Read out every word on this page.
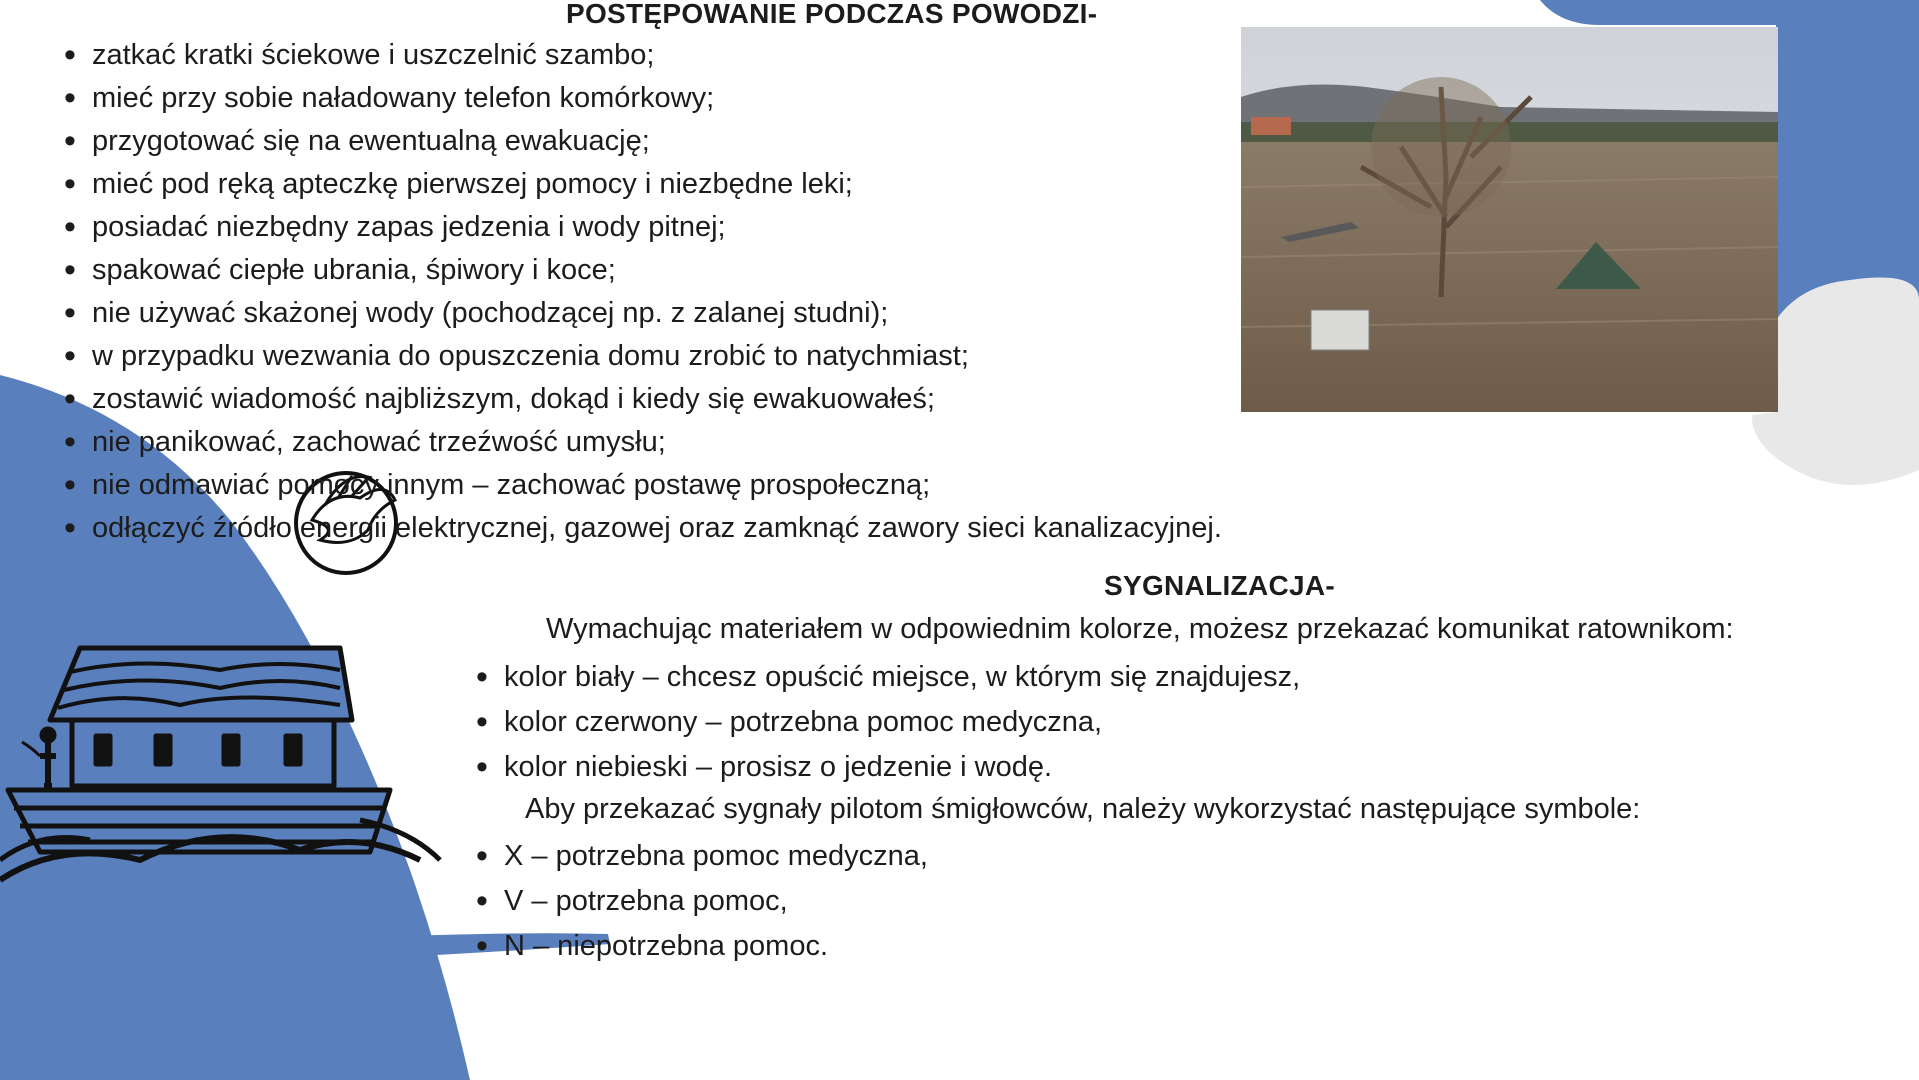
POSTĘPOWANIE PODCZAS POWODZI-
• zatkać kratki ściekowe i uszczelnić szambo;
• mieć przy sobie naładowany telefon komórkowy;
• przygotować się na ewentualną ewakuację;
• mieć pod ręką apteczkę pierwszej pomocy i niezbędne leki;
• posiadać niezbędny zapas jedzenia i wody pitnej;
• spakować ciepłe ubrania, śpiwory i koce;
• nie używać skażonej wody (pochodzącej np. z zalanej studni);
• w przypadku wezwania do opuszczenia domu zrobić to natychmiast;
• zostawić wiadomość najbliższym, dokąd i kiedy się ewakuowałeś;
• nie panikować, zachować trzeźwość umysłu;
• nie odmawiać pomocy innym – zachować postawę prospołeczną;
• odłączyć źródło energii elektrycznej, gazowej oraz zamknąć zawory sieci kanalizacyjnej.
SYGNALIZACJA-

Wymachując materiałem w odpowiednim kolorze, możesz przekazać komunikat ratownikom:

• kolor biały – chcesz opuścić miejsce, w którym się znajdujesz,
• kolor czerwony – potrzebna pomoc medyczna,
• kolor niebieski – prosisz o jedzenie i wodę.

Aby przekazać sygnały pilotom śmigłowców, należy wykorzystać następujące symbole:

• X – potrzebna pomoc medyczna,
• V – potrzebna pomoc,
• N – niepotrzebna pomoc.
